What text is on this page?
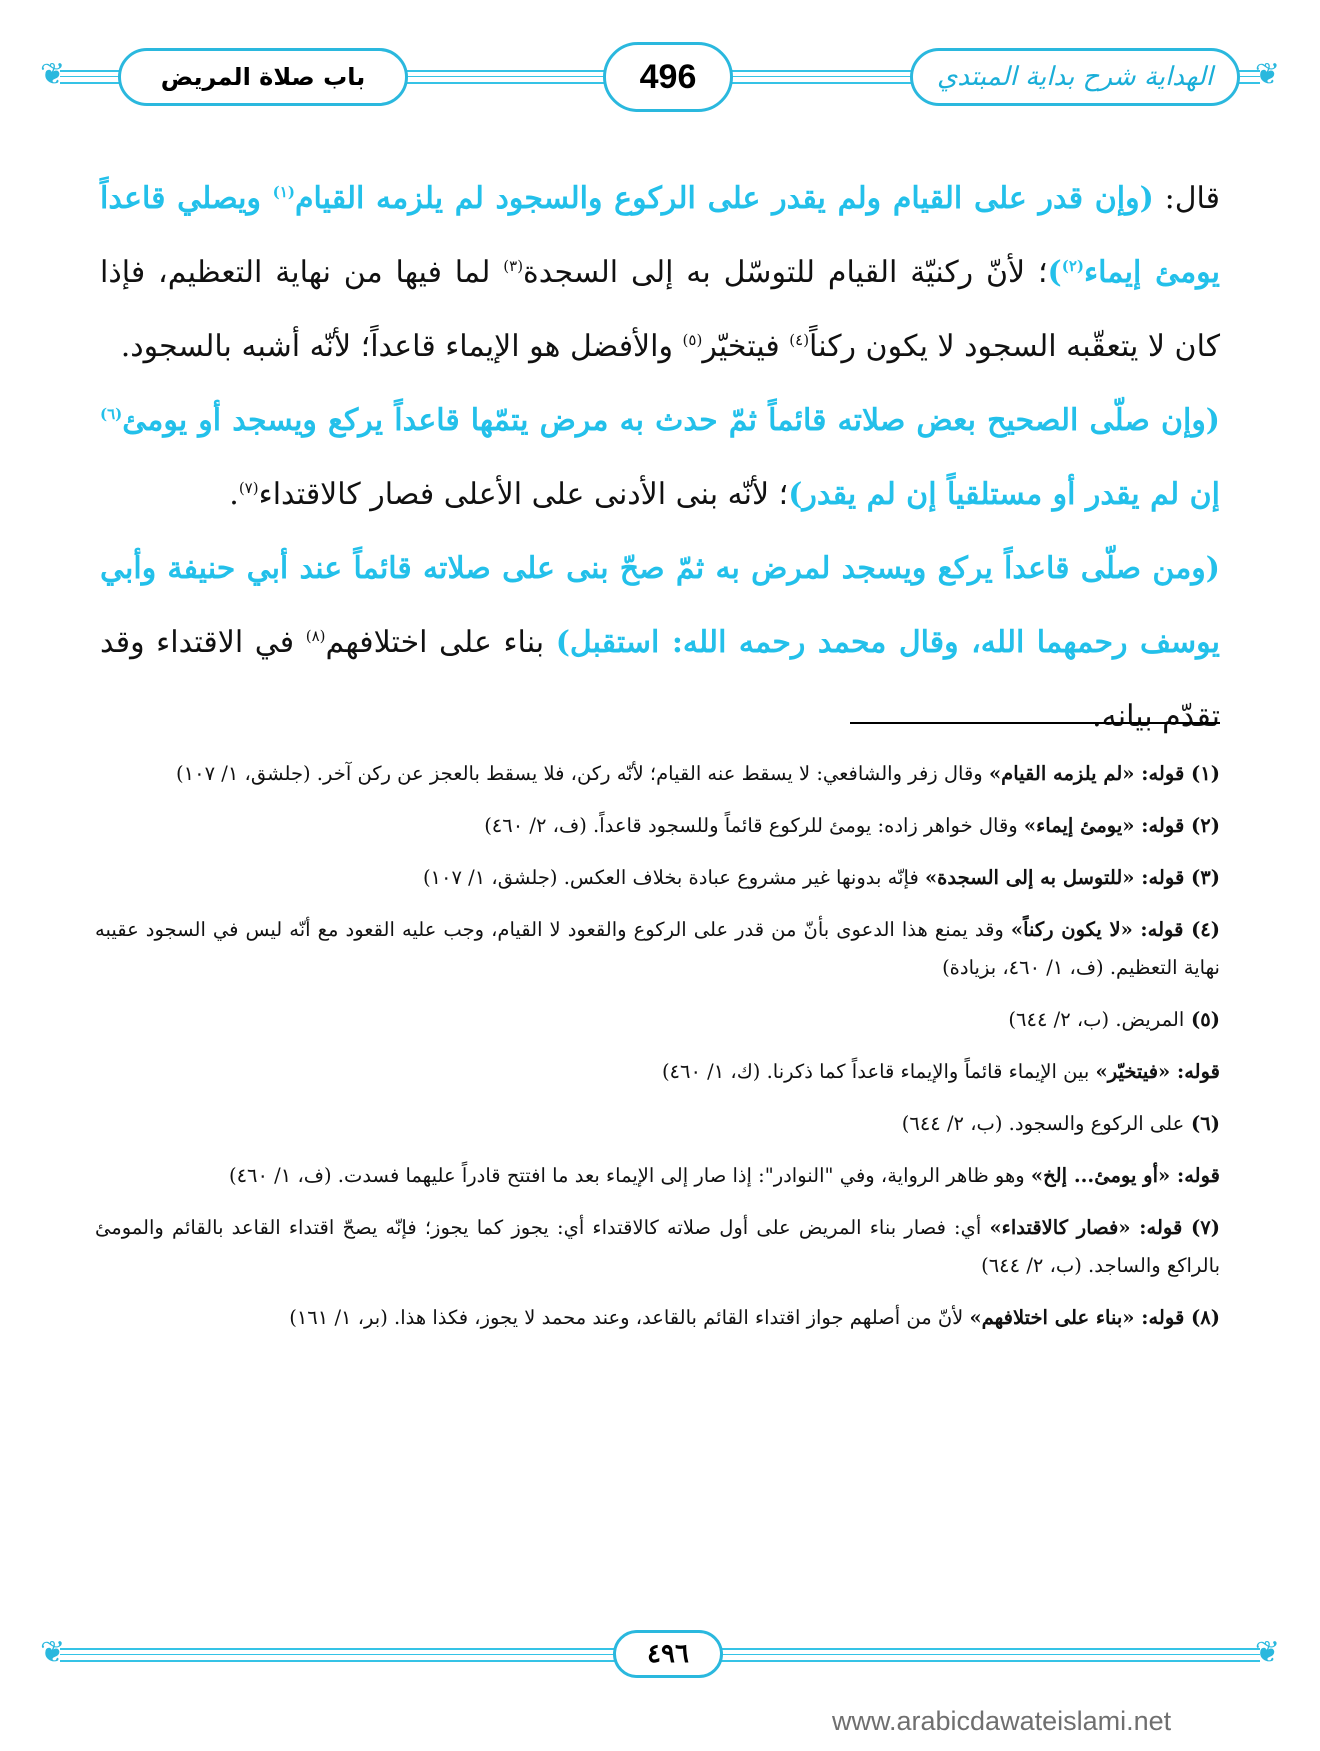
❦	❦
الهداية شرح بداية المبتدي
496
باب صلاة المريض

قال: (وإن قدر على القيام ولم يقدر على الركوع والسجود لم يلزمه القيام$^{(١)}$ ويصلي قاعداً يومئ إيماء$^{(٢)}$)؛ لأنّ ركنيّة القيام للتوسّل به إلى السجدة$^{(٣)}$ لما فيها من نهاية التعظيم، فإذا كان لا يتعقّبه السجود لا يكون ركناً$^{(٤)}$ فيتخيّر$^{(٥)}$ والأفضل هو الإيماء قاعداً؛ لأنّه أشبه بالسجود.

(وإن صلّى الصحيح بعض صلاته قائماً ثمّ حدث به مرض يتمّها قاعداً يركع ويسجد أو يومئ$^{(٦)}$ إن لم يقدر أو مستلقياً إن لم يقدر)؛ لأنّه بنى الأدنى على الأعلى فصار كالاقتداء$^{(٧)}$.

(ومن صلّى قاعداً يركع ويسجد لمرض به ثمّ صحّ بنى على صلاته قائماً عند أبي حنيفة وأبي يوسف رحمهما الله، وقال محمد رحمه الله: استقبل) بناء على اختلافهم$^{(٨)}$ في الاقتداء وقد تقدّم بيانه.

(١) قوله: «لم يلزمه القيام» وقال زفر والشافعي: لا يسقط عنه القيام؛ لأنّه ركن، فلا يسقط بالعجز عن ركن آخر. (جلشق، ١/ ١٠٧)

(٢) قوله: «يومئ إيماء» وقال خواهر زاده: يومئ للركوع قائماً وللسجود قاعداً. (ف، ٢/ ٤٦٠)

(٣) قوله: «للتوسل به إلى السجدة» فإنّه بدونها غير مشروع عبادة بخلاف العكس. (جلشق، ١/ ١٠٧)

(٤) قوله: «لا يكون ركناً» وقد يمنع هذا الدعوى بأنّ من قدر على الركوع والقعود لا القيام، وجب عليه القعود مع أنّه ليس في السجود عقيبه نهاية التعظيم. (ف، ١/ ٤٦٠، بزيادة)

(٥) المريض. (ب، ٢/ ٦٤٤)

قوله: «فيتخيّر» بين الإيماء قائماً والإيماء قاعداً كما ذكرنا. (ك، ١/ ٤٦٠)

(٦) على الركوع والسجود. (ب، ٢/ ٦٤٤)

قوله: «أو يومئ... إلخ» وهو ظاهر الرواية، وفي "النوادر": إذا صار إلى الإيماء بعد ما افتتح قادراً عليهما فسدت. (ف، ١/ ٤٦٠)

(٧) قوله: «فصار كالاقتداء» أي: فصار بناء المريض على أول صلاته كالاقتداء أي: يجوز كما يجوز؛ فإنّه يصحّ اقتداء القاعد بالقائم والمومئ بالراكع والساجد. (ب، ٢/ ٦٤٤)

(٨) قوله: «بناء على اختلافهم» لأنّ من أصلهم جواز اقتداء القائم بالقاعد، وعند محمد لا يجوز، فكذا هذا. (بر، ١/ ١٦١)

❦	❦
٤٩٦
www.arabicdawateislami.net
